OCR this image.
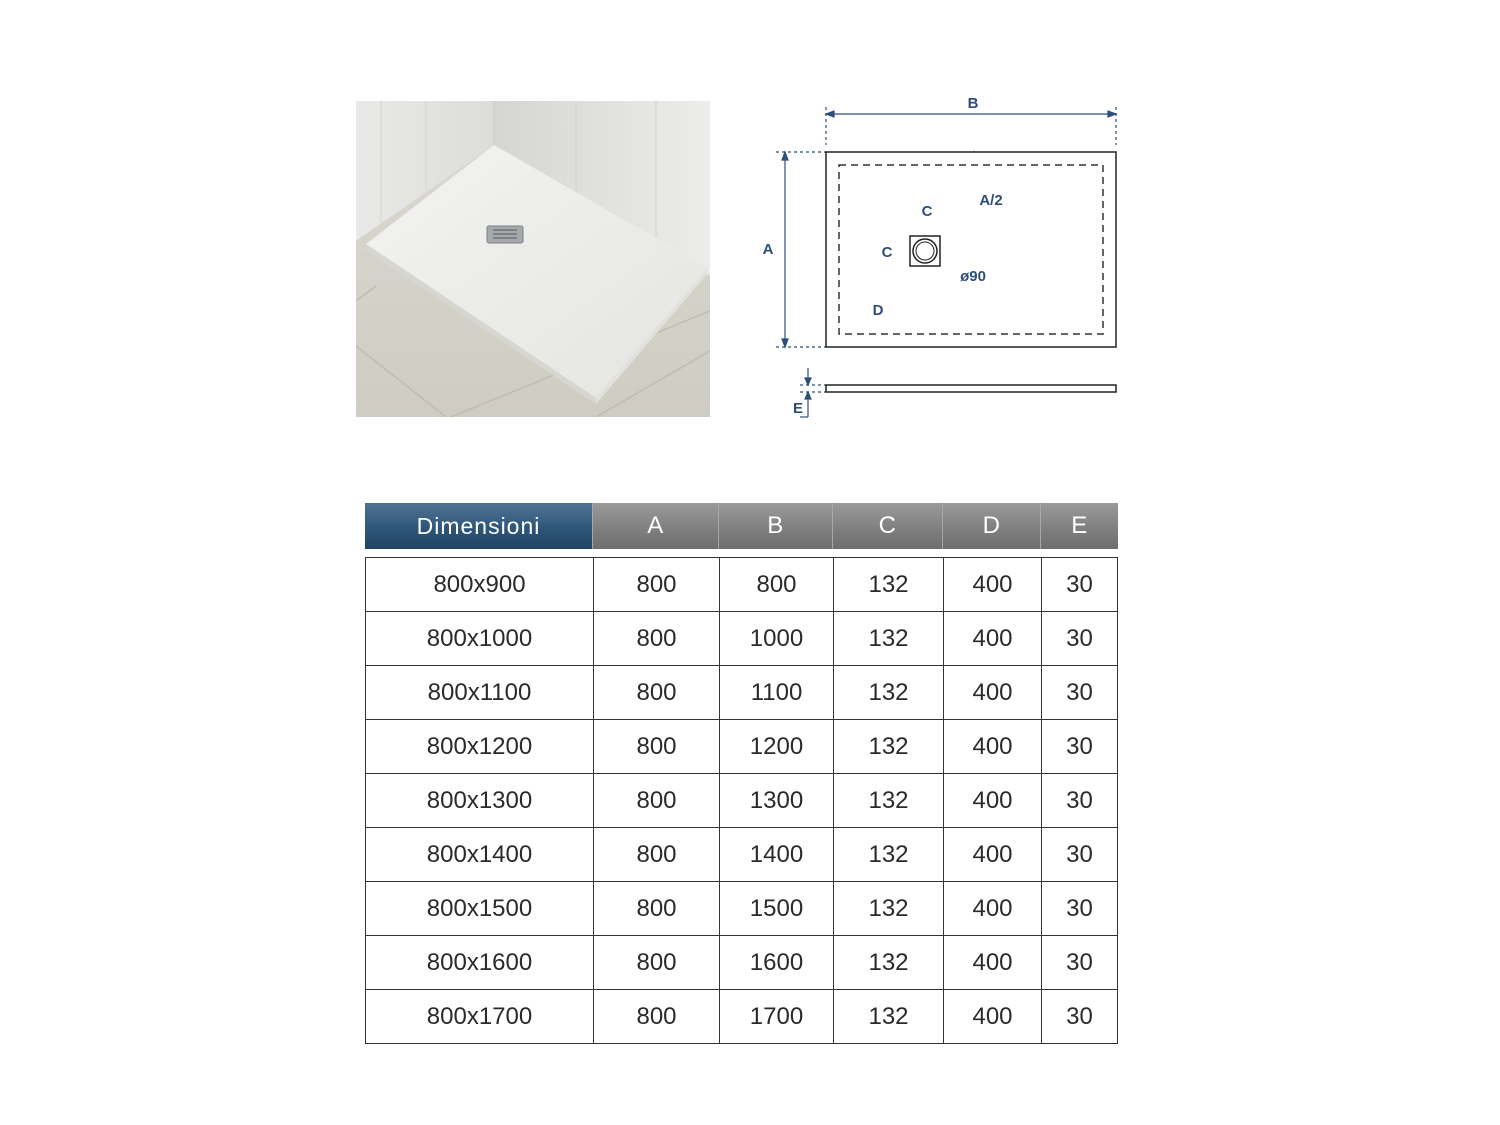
B
A
A/2
C
C
D
ø90
E
Dimensioni	A	B	C	D	E

800x900	800	800	132	400	30
800x1000	800	1000	132	400	30
800x1100	800	1100	132	400	30
800x1200	800	1200	132	400	30
800x1300	800	1300	132	400	30
800x1400	800	1400	132	400	30
800x1500	800	1500	132	400	30
800x1600	800	1600	132	400	30
800x1700	800	1700	132	400	30
